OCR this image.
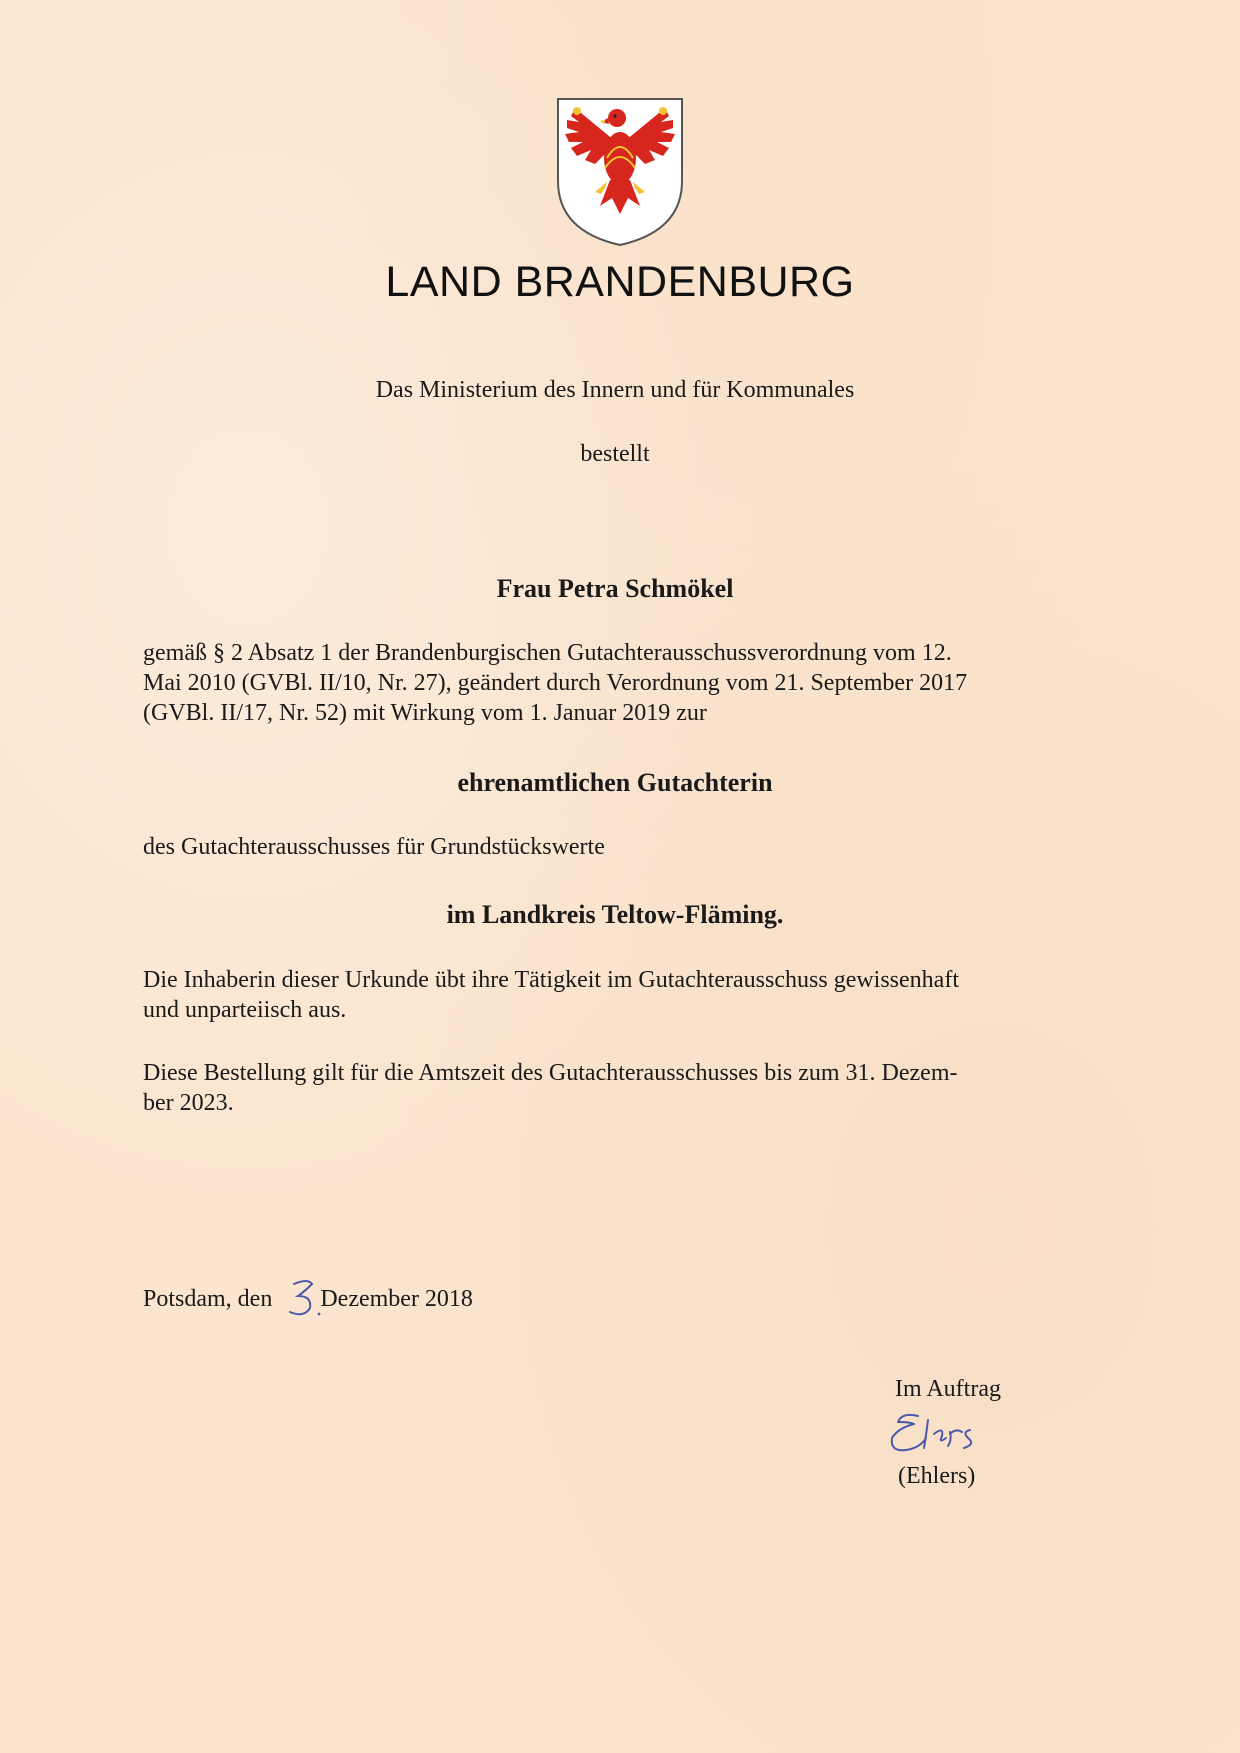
LAND BRANDENBURG
Das Ministerium des Innern und für Kommunales
bestellt
Frau Petra Schmökel
gemäß § 2 Absatz 1 der Brandenburgischen Gutachterausschussverordnung vom 12.
Mai 2010 (GVBl. II/10, Nr. 27), geändert durch Verordnung vom 21. September 2017
(GVBl. II/17, Nr. 52) mit Wirkung vom 1. Januar 2019 zur
ehrenamtlichen Gutachterin
des Gutachterausschusses für Grundstückswerte
im Landkreis Teltow-Fläming.
Die Inhaberin dieser Urkunde übt ihre Tätigkeit im Gutachterausschuss gewissenhaft
und unparteiisch aus.
Diese Bestellung gilt für die Amtszeit des Gutachterausschusses bis zum 31. Dezem-
ber 2023.
Potsdam, den Dezember 2018
Im Auftrag
(Ehlers)
